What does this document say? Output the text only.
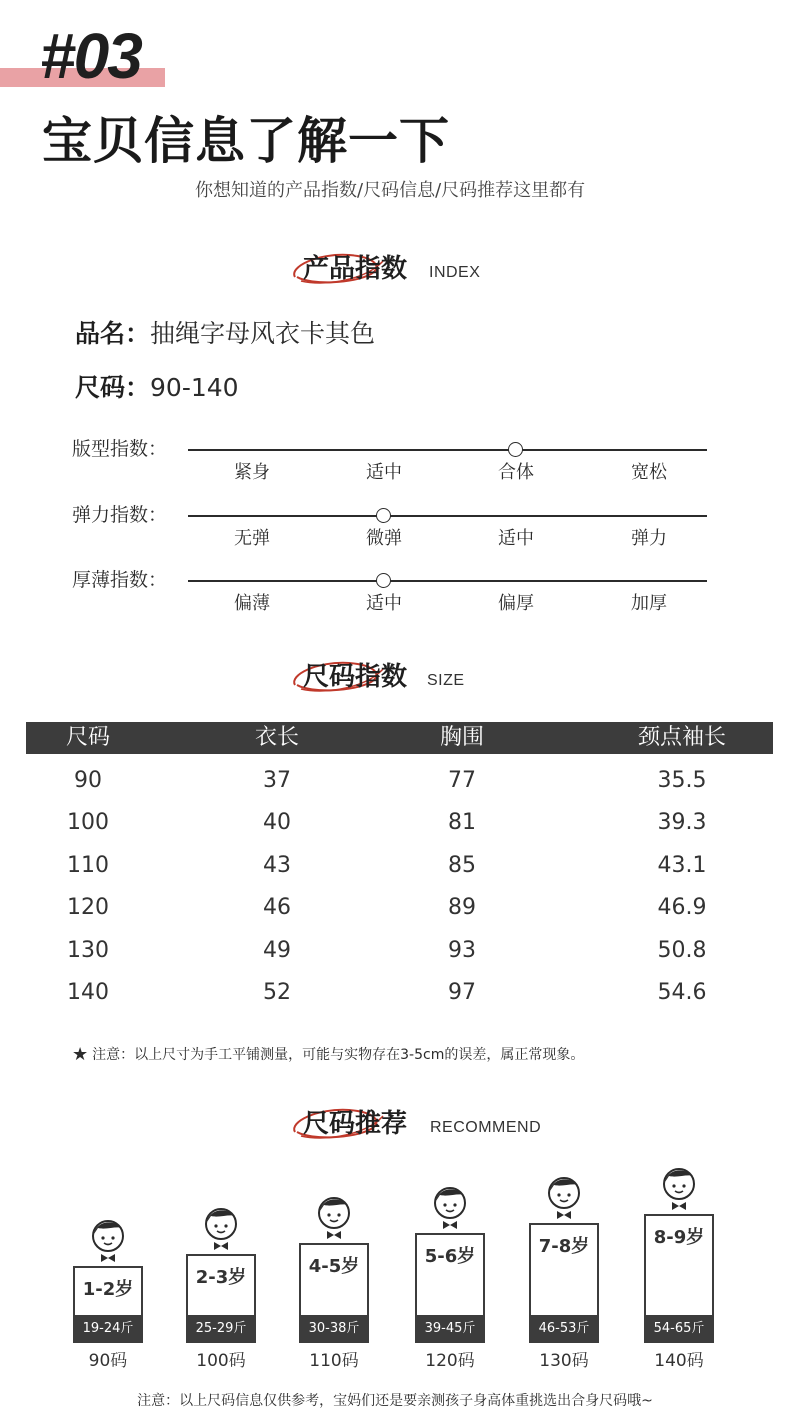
#03
宝贝信息了解一下
你想知道的产品指数/尺码信息/尺码推荐这里都有
产品指数 INDEX
品名：抽绳字母风衣卡其色
尺码：90-140
版型指数：
紧身	适中	合体	宽松
弹力指数：
无弹	微弹	适中	弹力
厚薄指数：
偏薄	适中	偏厚	加厚
尺码指数 SIZE
尺码	衣长	胸围	颈点袖长
90	37	77	35.5
100	40	81	39.3
110	43	85	43.1
120	46	89	46.9
130	49	93	50.8
140	52	97	54.6
★ 注意：以上尺寸为手工平铺测量，可能与实物存在3-5cm的误差，属正常现象。
尺码推荐 RECOMMEND
1-2岁
19-24斤
90码
2-3岁
25-29斤
100码
4-5岁
30-38斤
110码
5-6岁
39-45斤
120码
7-8岁
46-53斤
130码
8-9岁
54-65斤
140码
注意：以上尺码信息仅供参考，宝妈们还是要亲测孩子身高体重挑选出合身尺码哦~
